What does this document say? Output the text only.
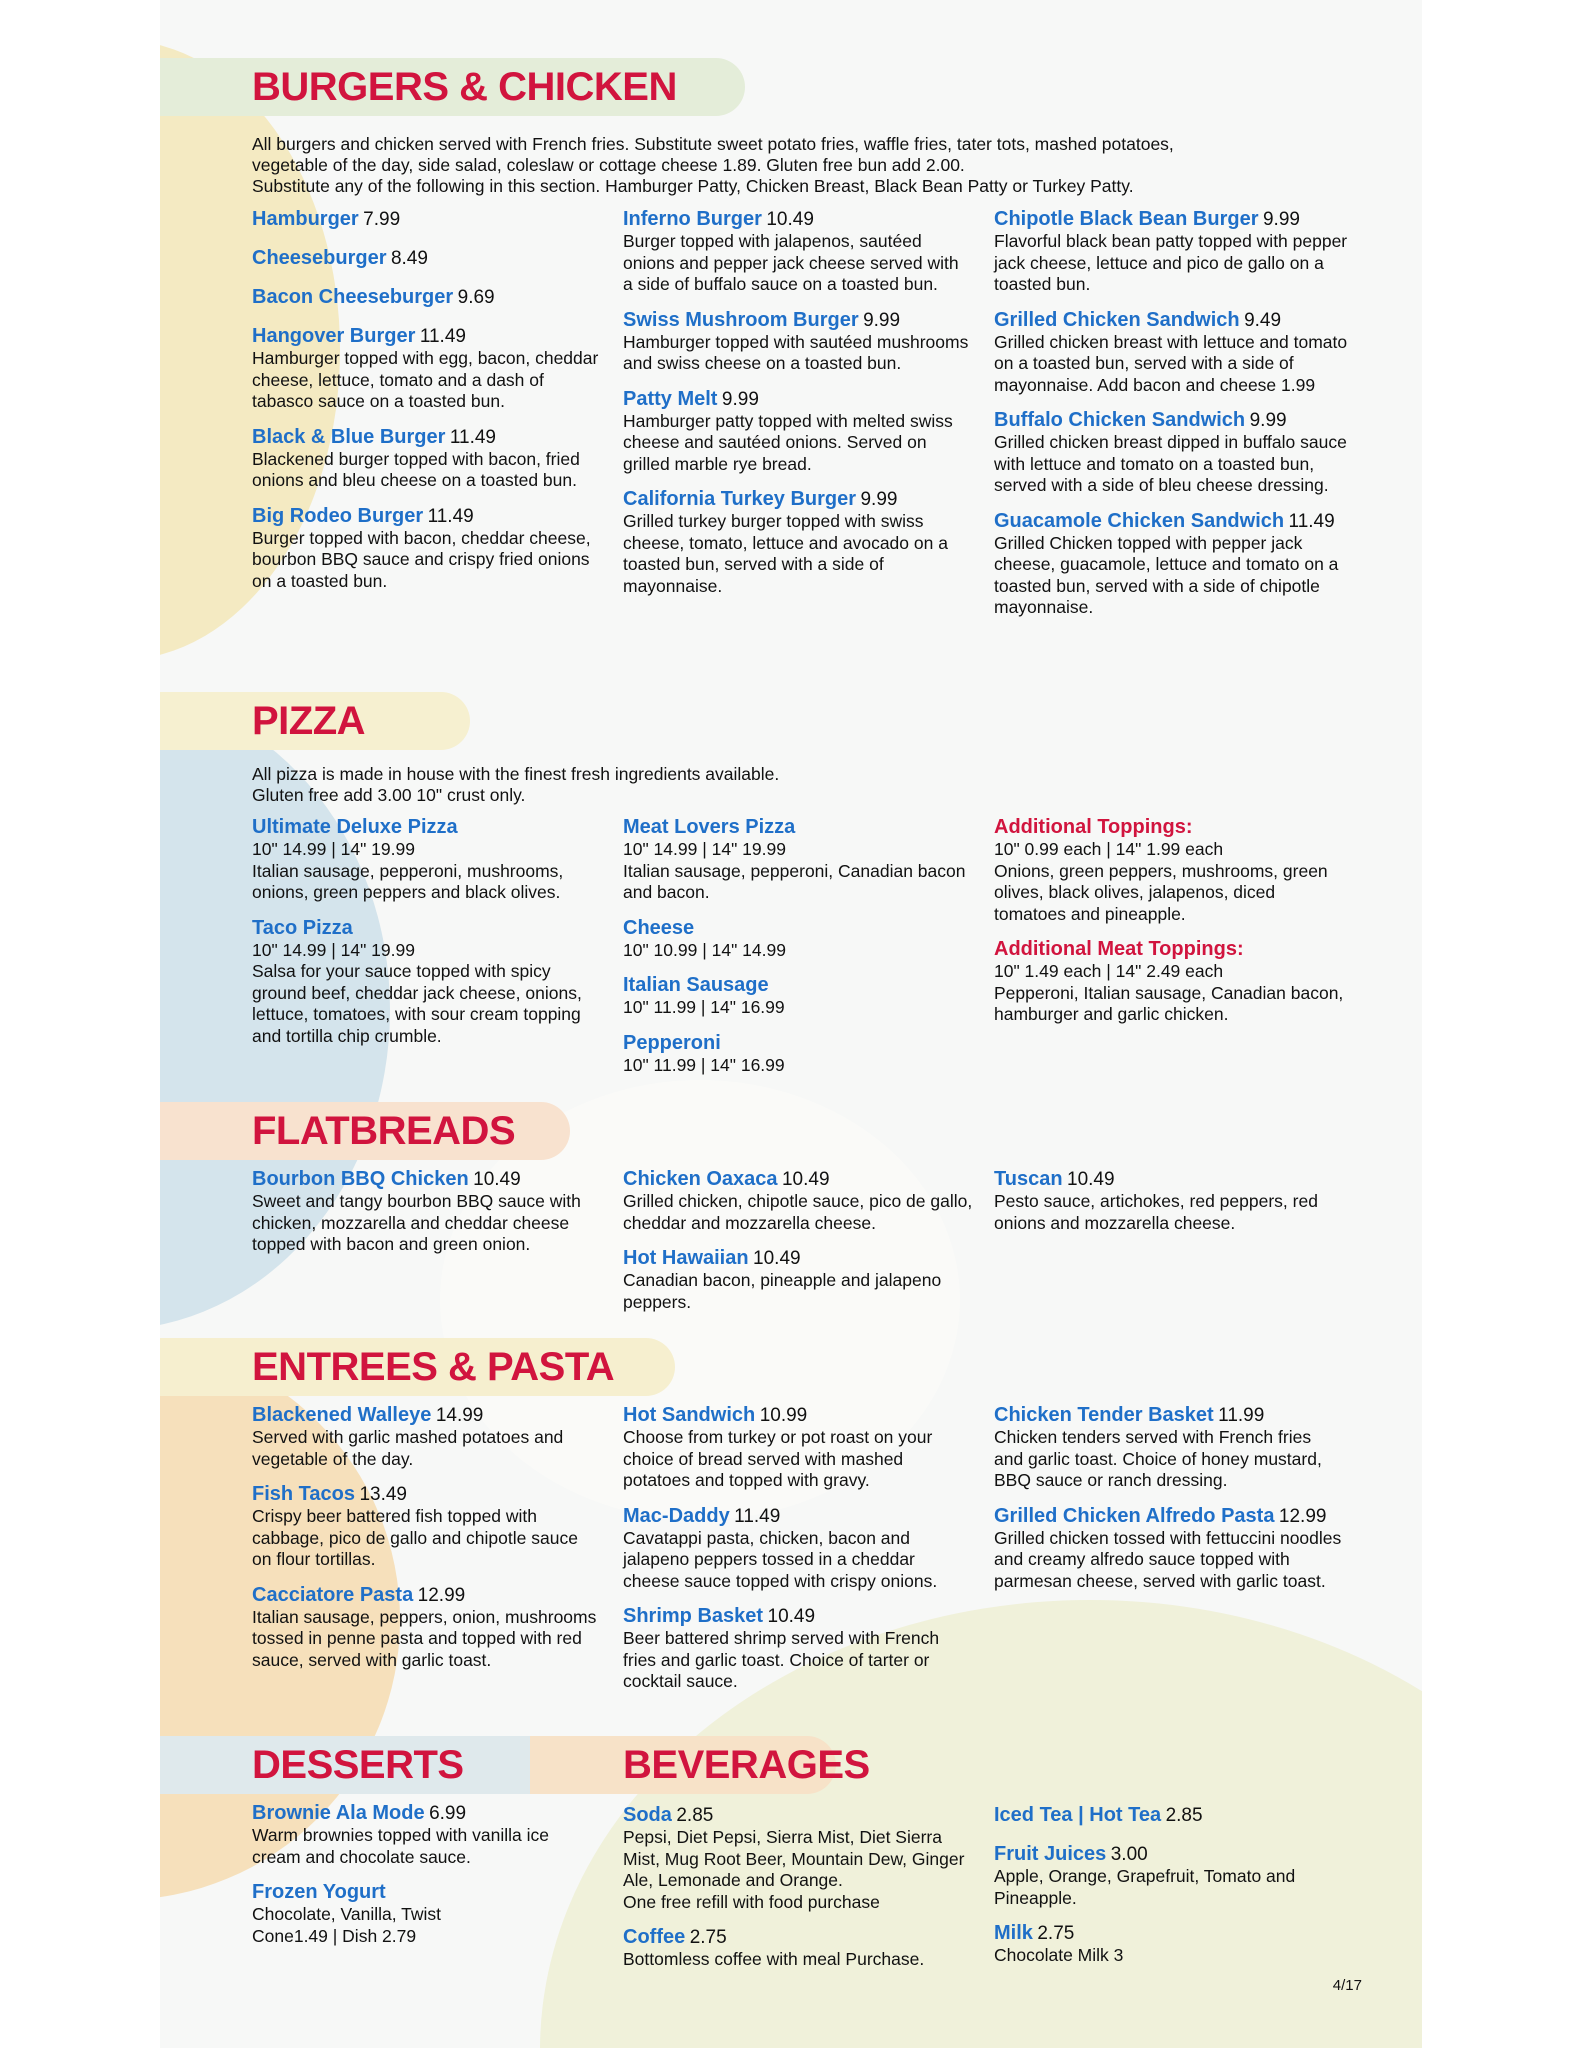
BURGERS & CHICKEN
All burgers and chicken served with French fries. Substitute sweet potato fries, waffle fries, tater tots, mashed potatoes,
vegetable of the day, side salad, coleslaw or cottage cheese 1.89. Gluten free bun add 2.00.
Substitute any of the following in this section. Hamburger Patty, Chicken Breast, Black Bean Patty or Turkey Patty.
Hamburger 7.99
Cheeseburger 8.49
Bacon Cheeseburger 9.69
Hangover Burger 11.49
Hamburger topped with egg, bacon, cheddar cheese, lettuce, tomato and a dash of tabasco sauce on a toasted bun.
Black & Blue Burger 11.49
Blackened burger topped with bacon, fried onions and bleu cheese on a toasted bun.
Big Rodeo Burger 11.49
Burger topped with bacon, cheddar cheese, bourbon BBQ sauce and crispy fried onions on a toasted bun.
Inferno Burger 10.49
Burger topped with jalapenos, sautéed onions and pepper jack cheese served with a side of buffalo sauce on a toasted bun.
Swiss Mushroom Burger 9.99
Hamburger topped with sautéed mushrooms and swiss cheese on a toasted bun.
Patty Melt 9.99
Hamburger patty topped with melted swiss cheese and sautéed onions. Served on grilled marble rye bread.
California Turkey Burger 9.99
Grilled turkey burger topped with swiss cheese, tomato, lettuce and avocado on a toasted bun, served with a side of mayonnaise.
Chipotle Black Bean Burger 9.99
Flavorful black bean patty topped with pepper jack cheese, lettuce and pico de gallo on a toasted bun.
Grilled Chicken Sandwich 9.49
Grilled chicken breast with lettuce and tomato on a toasted bun, served with a side of mayonnaise. Add bacon and cheese 1.99
Buffalo Chicken Sandwich 9.99
Grilled chicken breast dipped in buffalo sauce with lettuce and tomato on a toasted bun, served with a side of bleu cheese dressing.
Guacamole Chicken Sandwich 11.49
Grilled Chicken topped with pepper jack cheese, guacamole, lettuce and tomato on a toasted bun, served with a side of chipotle mayonnaise.
PIZZA
All pizza is made in house with the finest fresh ingredients available.
Gluten free add 3.00 10" crust only.
Ultimate Deluxe Pizza
10" 14.99 | 14" 19.99
Italian sausage, pepperoni, mushrooms, onions, green peppers and black olives.
Taco Pizza
10" 14.99 | 14" 19.99
Salsa for your sauce topped with spicy ground beef, cheddar jack cheese, onions, lettuce, tomatoes, with sour cream topping and tortilla chip crumble.
Meat Lovers Pizza
10" 14.99 | 14" 19.99
Italian sausage, pepperoni, Canadian bacon and bacon.
Cheese
10" 10.99 | 14" 14.99
Italian Sausage
10" 11.99 | 14" 16.99
Pepperoni
10" 11.99 | 14" 16.99
Additional Toppings:
10" 0.99 each | 14" 1.99 each
Onions, green peppers, mushrooms, green olives, black olives, jalapenos, diced tomatoes and pineapple.
Additional Meat Toppings:
10" 1.49 each | 14" 2.49 each
Pepperoni, Italian sausage, Canadian bacon, hamburger and garlic chicken.
FLATBREADS
Bourbon BBQ Chicken 10.49
Sweet and tangy bourbon BBQ sauce with chicken, mozzarella and cheddar cheese topped with bacon and green onion.
Chicken Oaxaca 10.49
Grilled chicken, chipotle sauce, pico de gallo, cheddar and mozzarella cheese.
Hot Hawaiian 10.49
Canadian bacon, pineapple and jalapeno peppers.
Tuscan 10.49
Pesto sauce, artichokes, red peppers, red onions and mozzarella cheese.
ENTREES & PASTA
Blackened Walleye 14.99
Served with garlic mashed potatoes and vegetable of the day.
Fish Tacos 13.49
Crispy beer battered fish topped with cabbage, pico de gallo and chipotle sauce on flour tortillas.
Cacciatore Pasta 12.99
Italian sausage, peppers, onion, mushrooms tossed in penne pasta and topped with red sauce, served with garlic toast.
Hot Sandwich 10.99
Choose from turkey or pot roast on your choice of bread served with mashed potatoes and topped with gravy.
Mac-Daddy 11.49
Cavatappi pasta, chicken, bacon and jalapeno peppers tossed in a cheddar cheese sauce topped with crispy onions.
Shrimp Basket 10.49
Beer battered shrimp served with French fries and garlic toast. Choice of tarter or cocktail sauce.
Chicken Tender Basket 11.99
Chicken tenders served with French fries and garlic toast. Choice of honey mustard, BBQ sauce or ranch dressing.
Grilled Chicken Alfredo Pasta 12.99
Grilled chicken tossed with fettuccini noodles and creamy alfredo sauce topped with parmesan cheese, served with garlic toast.
DESSERTS
Brownie Ala Mode 6.99
Warm brownies topped with vanilla ice cream and chocolate sauce.
Frozen Yogurt
Chocolate, Vanilla, Twist
Cone1.49 | Dish 2.79
BEVERAGES
Soda 2.85
Pepsi, Diet Pepsi, Sierra Mist, Diet Sierra Mist, Mug Root Beer, Mountain Dew, Ginger Ale, Lemonade and Orange.
One free refill with food purchase
Coffee 2.75
Bottomless coffee with meal Purchase.
Iced Tea | Hot Tea 2.85
Fruit Juices 3.00
Apple, Orange, Grapefruit, Tomato and Pineapple.
Milk 2.75
Chocolate Milk 3
4/17
